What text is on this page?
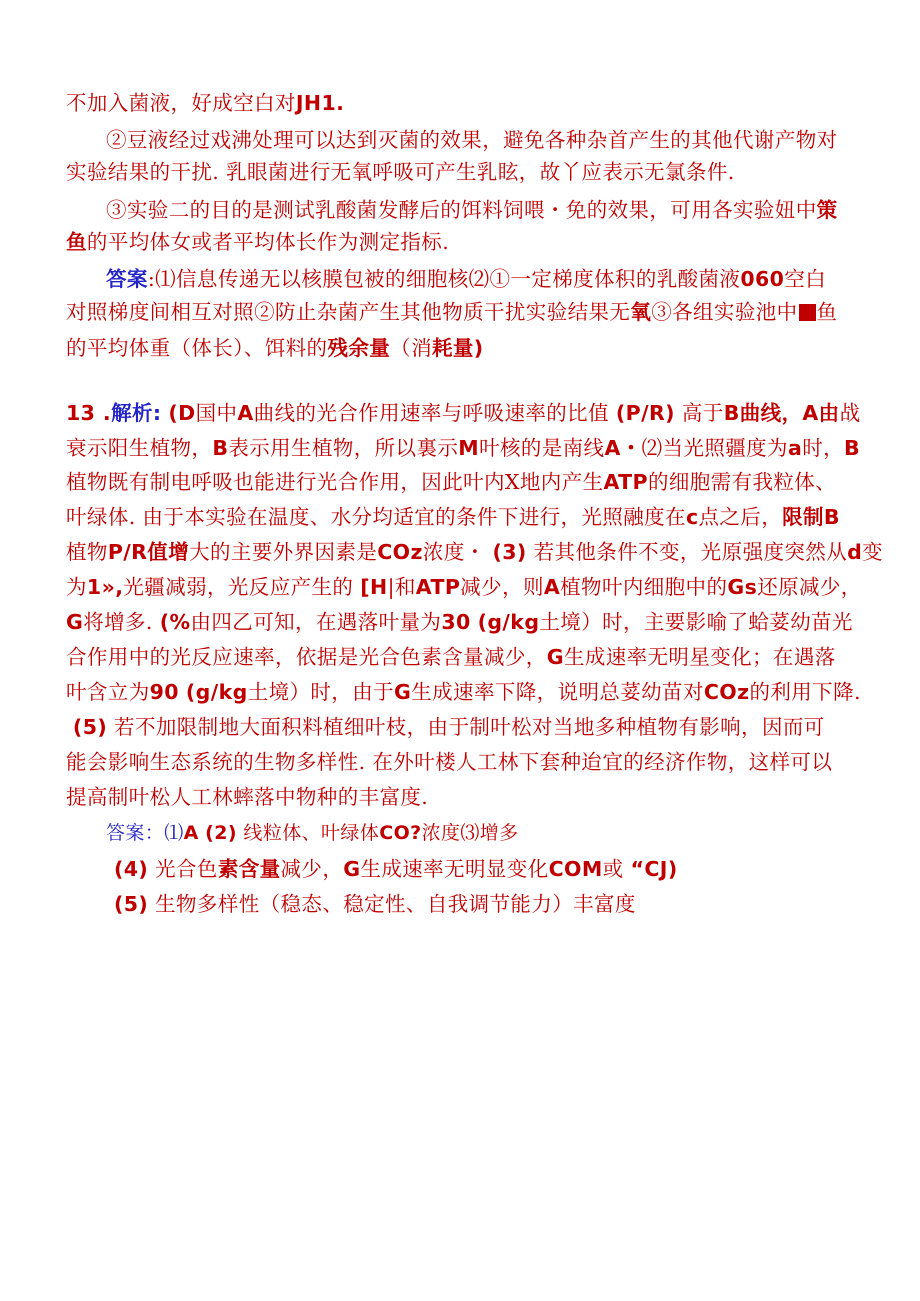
不加入菌液，好成空白对JH1.
②豆液经过戏沸处理可以达到灭菌的效果，避免各种杂首产生的其他代谢产物对
实验结果的干扰. 乳眼菌进行无氧呼吸可产生乳眩，故丫应表示无氯条件.
③实验二的目的是测试乳酸菌发酵后的饵料饲喂・免的效果，可用各实验妞中策
鱼的平均体女或者平均体长作为测定指标.
答案:⑴信息传递无以核膜包被的细胞核⑵①一定梯度体积的乳酸菌液060空白
对照梯度间相互对照②防止杂菌产生其他物质干扰实验结果无氧③各组实验池中 鱼
的平均体重（体长）、饵料的残余量（消耗量)
13 .解析: (D国中A曲线的光合作用速率与呼吸速率的比值 (P/R) 高于B曲线，A由战
衰示阳生植物，B表示用生植物，所以裏示M叶核的是南线A・⑵当光照疆度为a时，B
植物既有制电呼吸也能进行光合作用，因此叶内X地内产生ATP的细胞需有我粒体、
叶绿体. 由于本实验在温度、水分均适宜的条件下进行，光照融度在c点之后，限制B
植物P/R值增大的主要外界因素是COz浓度・ (3) 若其他条件不变，光原强度突然从d变
为1»,光疆减弱，光反应产生的 [H|和ATP减少，则A植物叶内细胞中的Gs还原减少，
G将增多. (%由四乙可知，在遇落叶量为30 (g/kg土境）时，主要影喻了蛤荽幼苗光
合作用中的光反应速率，依据是光合色素含量减少，G生成速率无明星变化；在遇落
叶含立为90 (g/kg土境）时，由于G生成速率下降，说明总荽幼苗对COz的利用下降.
(5) 若不加限制地大面积料植细叶枝，由于制叶松对当地多种植物有影响，因而可
能会影响生态系统的生物多样性. 在外叶楼人工林下套种迨宜的经济作物，这样可以
提高制叶松人工林蟀落中物种的丰富度.
答案：⑴A (2) 线粒体、叶绿体CO?浓度⑶增多
(4) 光合色素含量减少，G生成速率无明显变化COM或 “CJ)
(5) 生物多样性（稳态、稳定性、自我调节能力）丰富度
